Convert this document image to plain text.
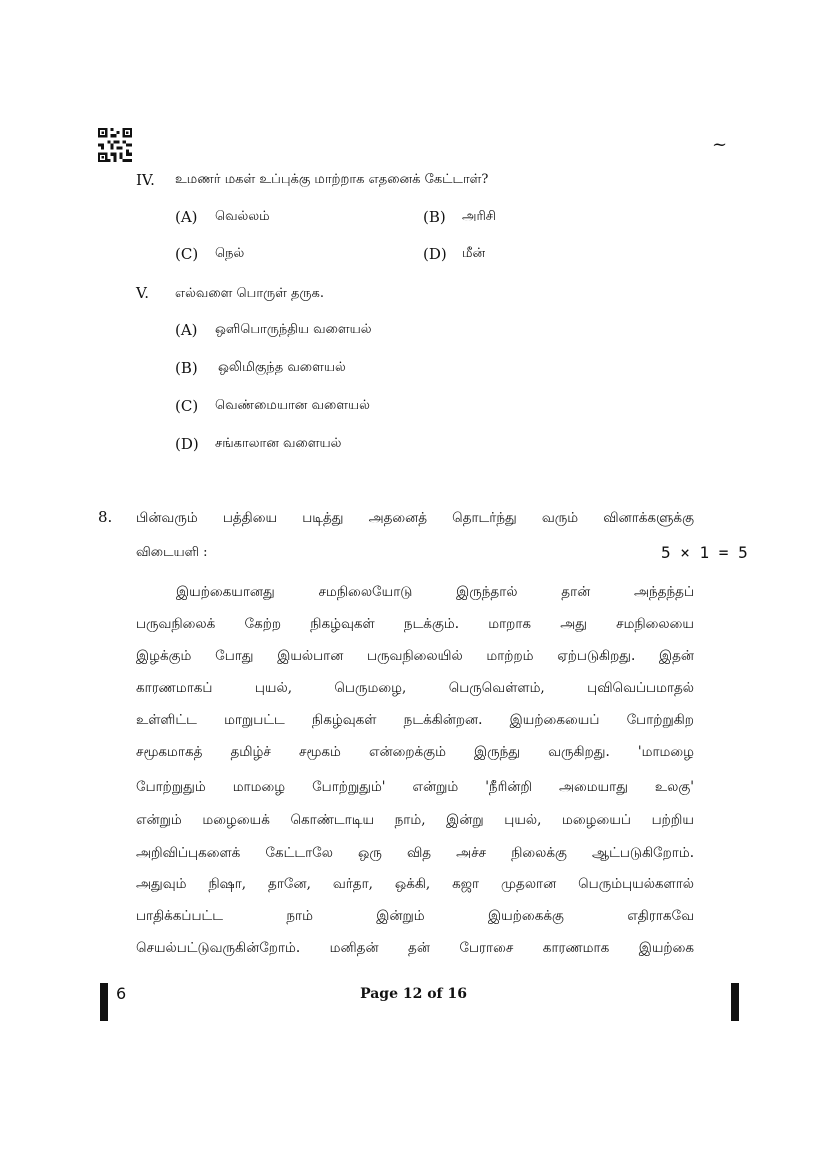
~
IV. உமணர் மகள் உப்புக்கு மாற்றாக எதனைக் கேட்டாள்?
(A) வெல்லம்	(B) அரிசி
(C) நெல்	(D) மீன்
V. எல்வளை பொருள் தருக.
(A) ஒளிபொருந்திய வளையல்
(B) ஒலிமிகுந்த வளையல்
(C) வெண்மையான வளையல்
(D) சங்காலான வளையல்
8. பின்வரும் பத்தியை படித்து அதனைத் தொடர்ந்து வரும் வினாக்களுக்கு
விடையளி :	5 × 1 = 5
இயற்கையானது சமநிலையோடு இருந்தால் தான் அந்தந்தப்
பருவநிலைக் கேற்ற நிகழ்வுகள் நடக்கும். மாறாக அது சமநிலையை
இழக்கும் போது இயல்பான பருவநிலையில் மாற்றம் ஏற்படுகிறது. இதன்
காரணமாகப் புயல், பெருமழை, பெருவெள்ளம், புவிவெப்பமாதல்
உள்ளிட்ட மாறுபட்ட நிகழ்வுகள் நடக்கின்றன. இயற்கையைப் போற்றுகிற
சமூகமாகத் தமிழ்ச் சமூகம் என்றைக்கும் இருந்து வருகிறது. 'மாமழை
போற்றுதும் மாமழை போற்றுதும்' என்றும் 'நீரின்றி அமையாது உலகு'
என்றும் மழையைக் கொண்டாடிய நாம், இன்று புயல், மழையைப் பற்றிய
அறிவிப்புகளைக் கேட்டாலே ஒரு வித அச்ச நிலைக்கு ஆட்படுகிறோம்.
அதுவும் நிஷா, தானே, வர்தா, ஒக்கி, கஜா முதலான பெரும்புயல்களால்
பாதிக்கப்பட்ட நாம் இன்றும் இயற்கைக்கு எதிராகவே
செயல்பட்டுவருகின்றோம். மனிதன் தன் பேராசை காரணமாக இயற்கை
6	Page 12 of 16
